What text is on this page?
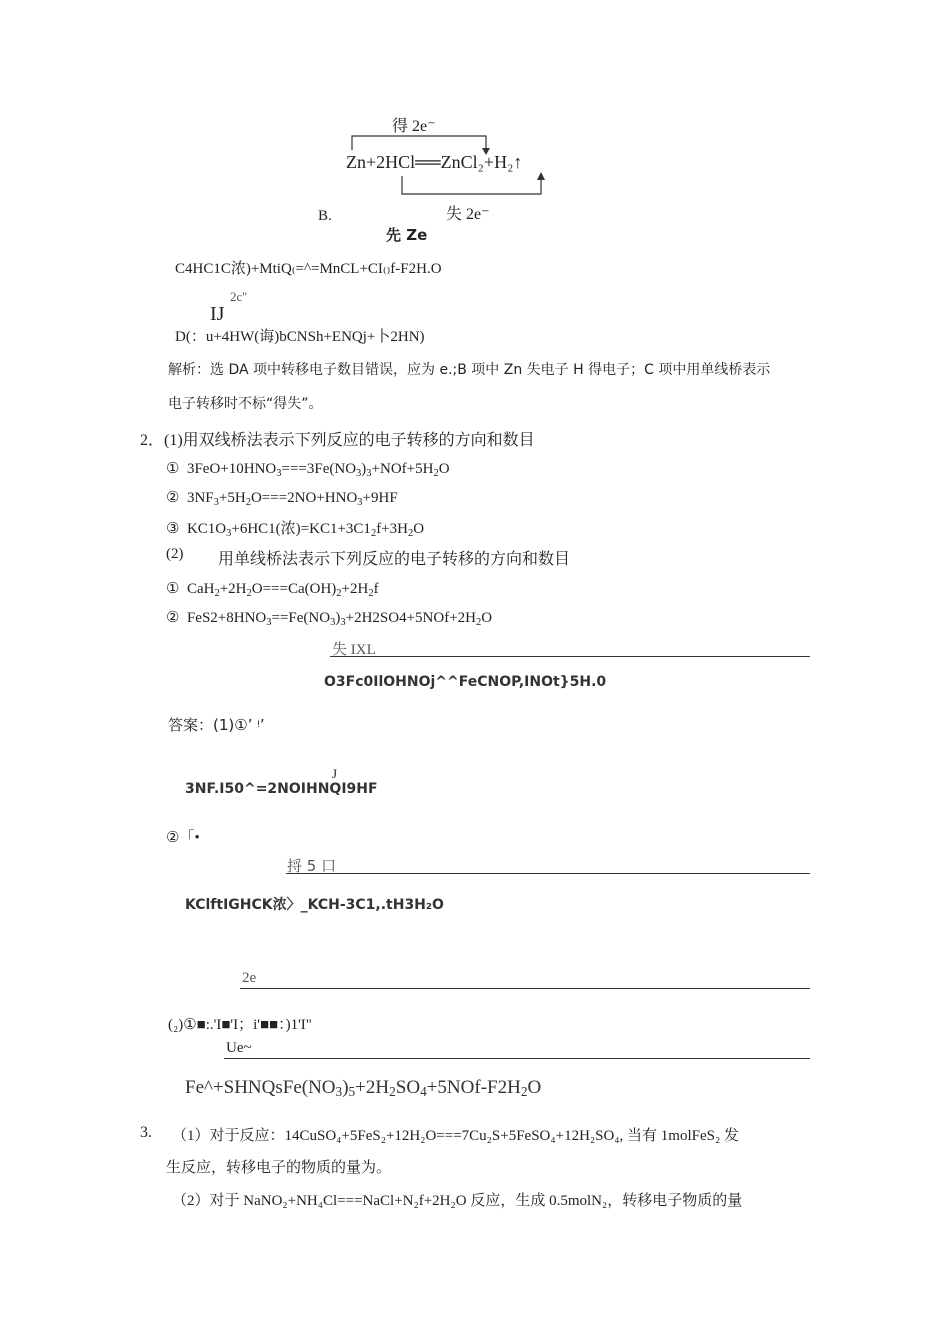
得 2e⁻
Zn+2HCl══ZnCl₂+H₂↑
失 2e⁻
B.
先 Ze
C4HC1C浓)+MtiQ₍=^=MnCL+CI₍₎f-F2H.O
2c''
IJ
D(：u+4HW(诲)bCNSh+ENQj+卜2HN)
解析：选 DA 项中转移电子数目错误，应为 e.;B 项中 Zn 失电子 H 得电子；C 项中用单线桥表示
电子转移时不标“得失”。
2．(1)用双线桥法表示下列反应的电子转移的方向和数目
① $3FeO+10HNO_3===3Fe(NO_3)_3+NOf+5H_2O$
② $3NF_3+5H_2O===2NO+HNO_3+9HF$
③ $KC1O_3+6HC1$(浓)$=KC1+3C1_2f+3H_2O$
(2) 用单线桥法表示下列反应的电子转移的方向和数目
① $CaH_2+2H_2O===Ca(OH)_2+2H_2f$
② $FeS2+8HNO_3==Fe(NO_3)_3+2H2SO4+5NOf+2H_2O$
失 IXL
O3Fc0IlOHNOj^^FeCNOP,INOt}5H.0
答案：(1)①’ ᵎ’
J
3NF.I50^=2NOIHNQI9HF
②「•
捋 5 口
KClftIGHCK浓〉_KCH-3C1,.tH3H₂O
2e
(₂)①■:.'I■'I；i'■■：)1'I"
Ue~
$Fe\^{}+SHNQsFe(NO_3)_5+2H_2SO_4+5NOf-F2H_2O$
3. （1）对于反应：14CuSO₄+5FeS₂+12H₂O===7Cu₂S+5FeSO₄+12H₂SO₄, 当有 1molFeS₂ 发
生反应，转移电子的物质的量为。
（2）对于 NaNO₂+NH₄Cl===NaCl+N₂f+2H₂O 反应，生成 0.5molN₂，转移电子物质的量
